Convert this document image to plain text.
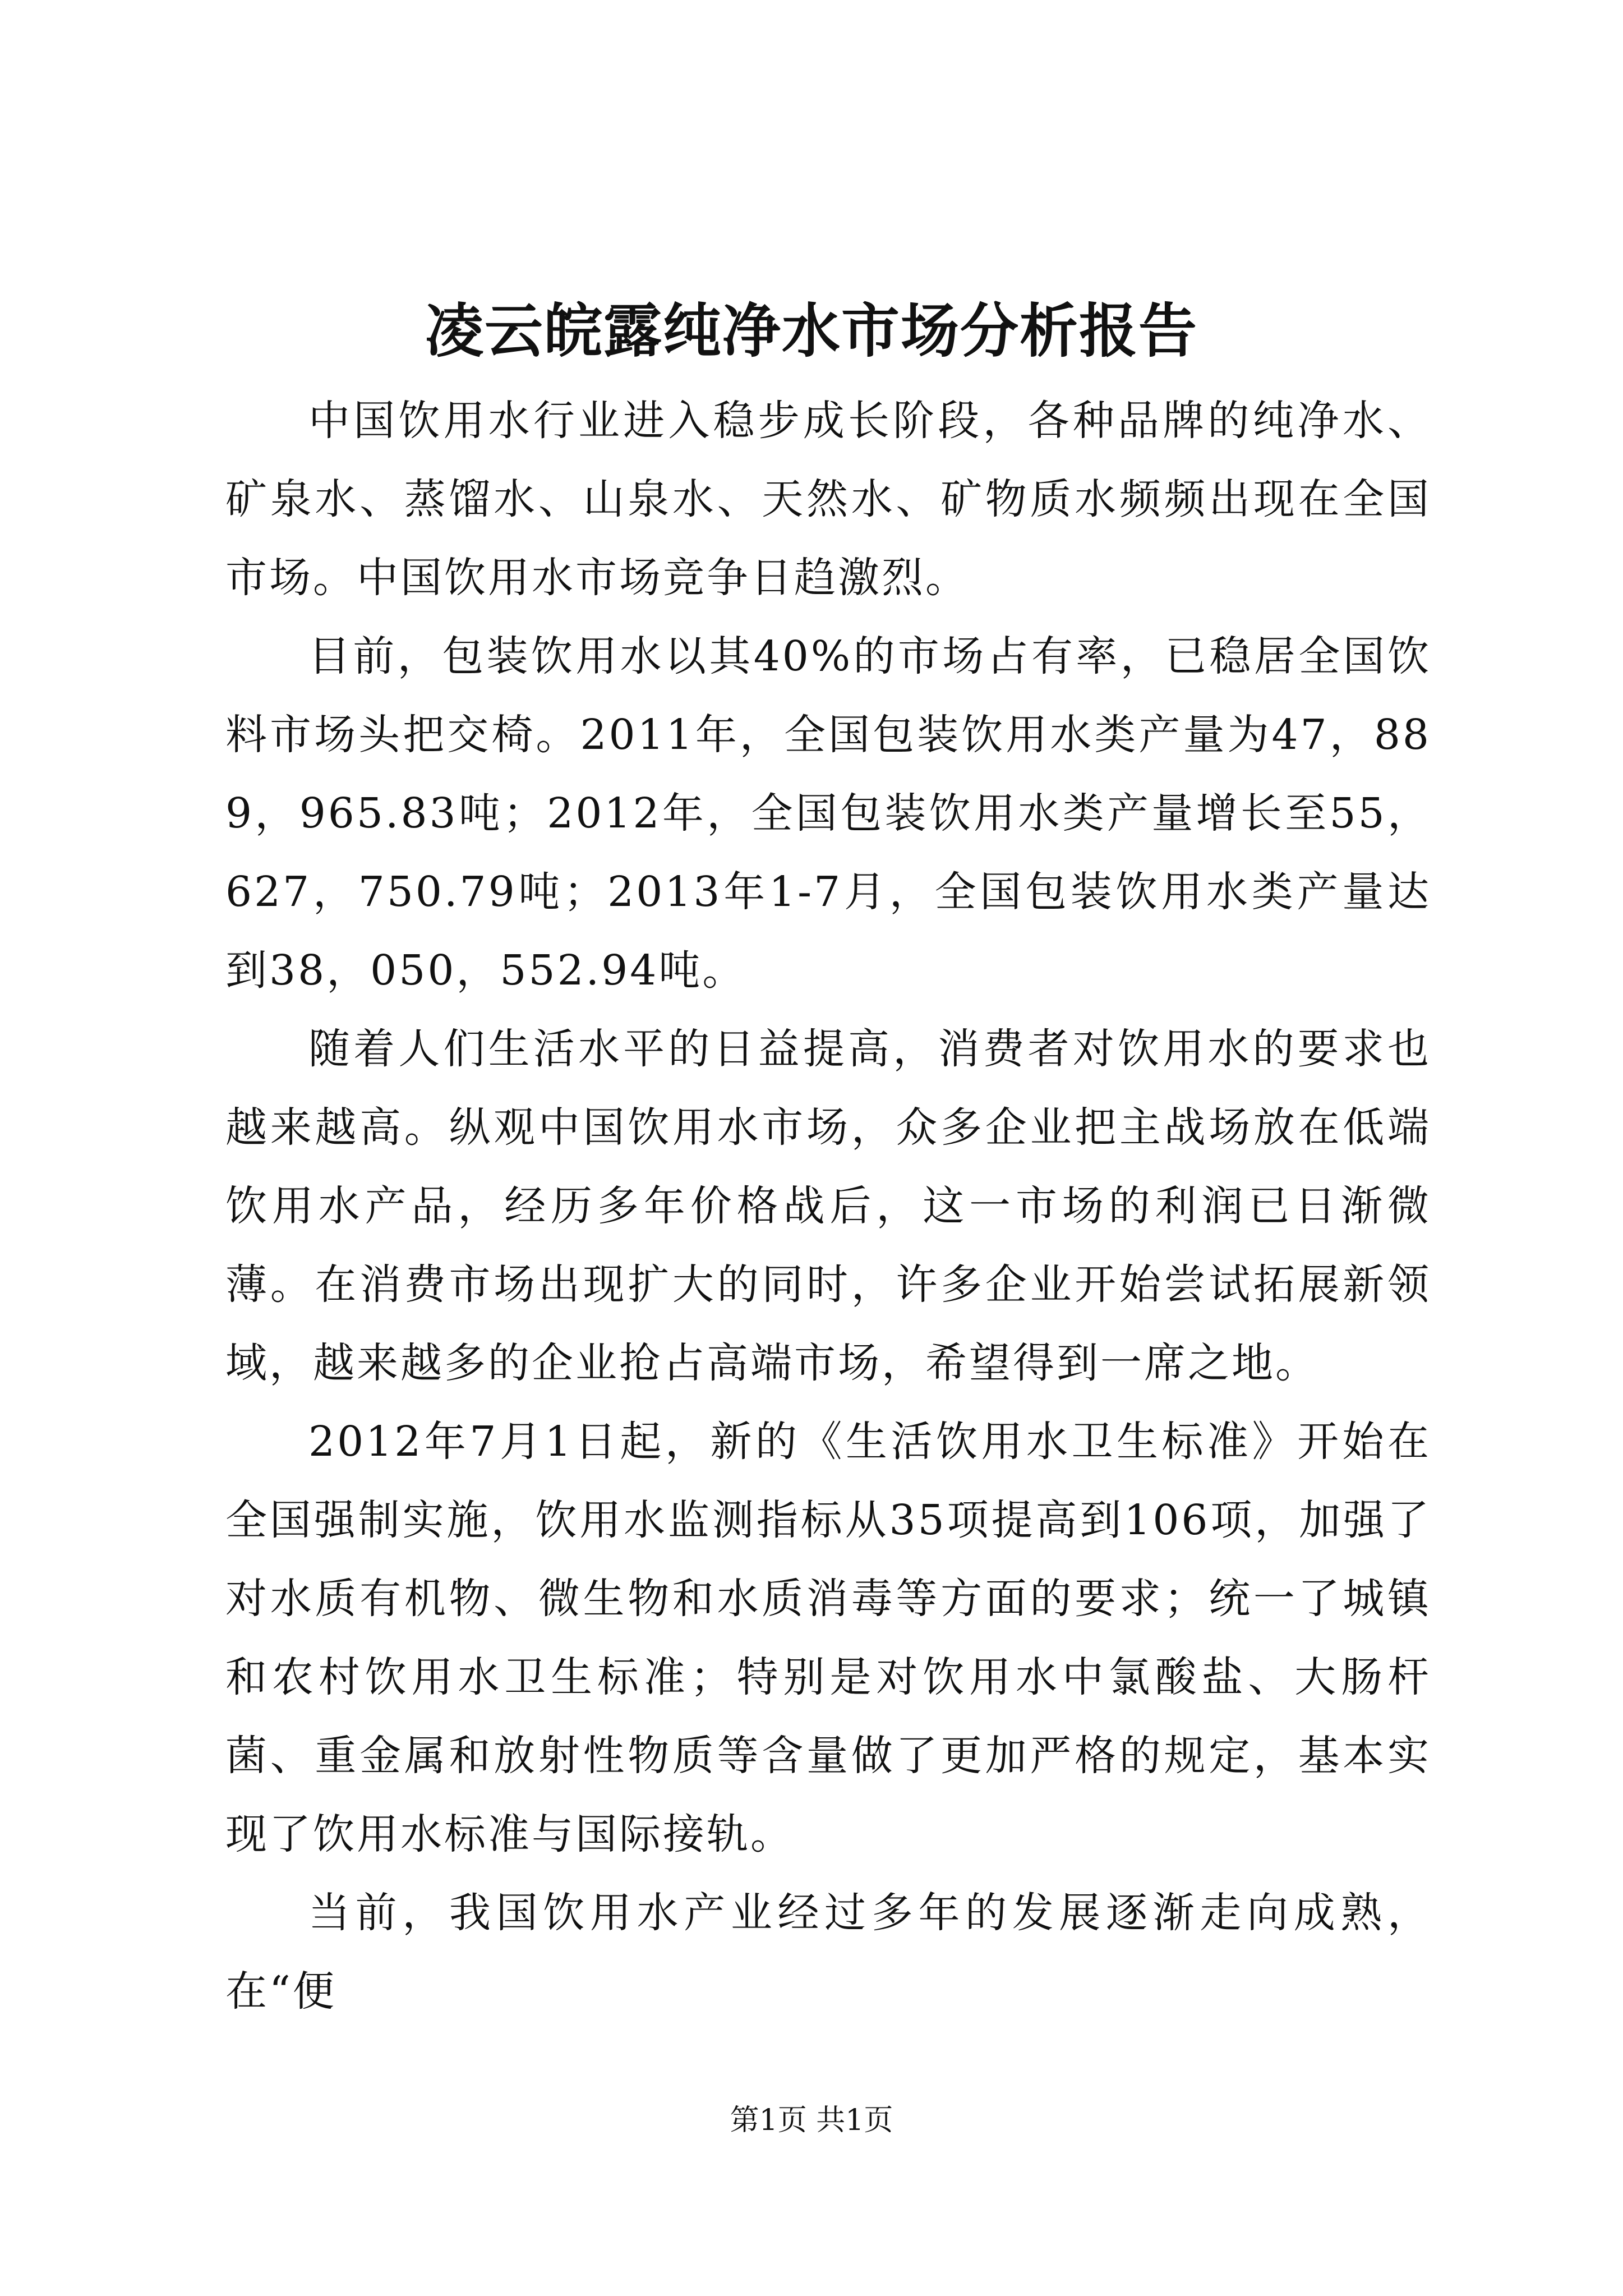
凌云皖露纯净水市场分析报告

中国饮用水行业进入稳步成长阶段，各种品牌的纯净水、矿泉水、蒸馏水、山泉水、天然水、矿物质水频频出现在全国市场。中国饮用水市场竞争日趋激烈。

目前，包装饮用水以其40%的市场占有率，已稳居全国饮料市场头把交椅。2011年，全国包装饮用水类产量为47，889，965.83吨；2012年，全国包装饮用水类产量增长至55，627，750.79吨；2013年1-7月，全国包装饮用水类产量达到38，050，552.94吨。

随着人们生活水平的日益提高，消费者对饮用水的要求也越来越高。纵观中国饮用水市场，众多企业把主战场放在低端饮用水产品，经历多年价格战后，这一市场的利润已日渐微薄。在消费市场出现扩大的同时，许多企业开始尝试拓展新领域，越来越多的企业抢占高端市场，希望得到一席之地。

2012年7月1日起，新的《生活饮用水卫生标准》开始在全国强制实施，饮用水监测指标从35项提高到106项，加强了对水质有机物、微生物和水质消毒等方面的要求；统一了城镇和农村饮用水卫生标准；特别是对饮用水中氯酸盐、大肠杆菌、重金属和放射性物质等含量做了更加严格的规定，基本实现了饮用水标准与国际接轨。

当前，我国饮用水产业经过多年的发展逐渐走向成熟，在“便

第1页 共1页
